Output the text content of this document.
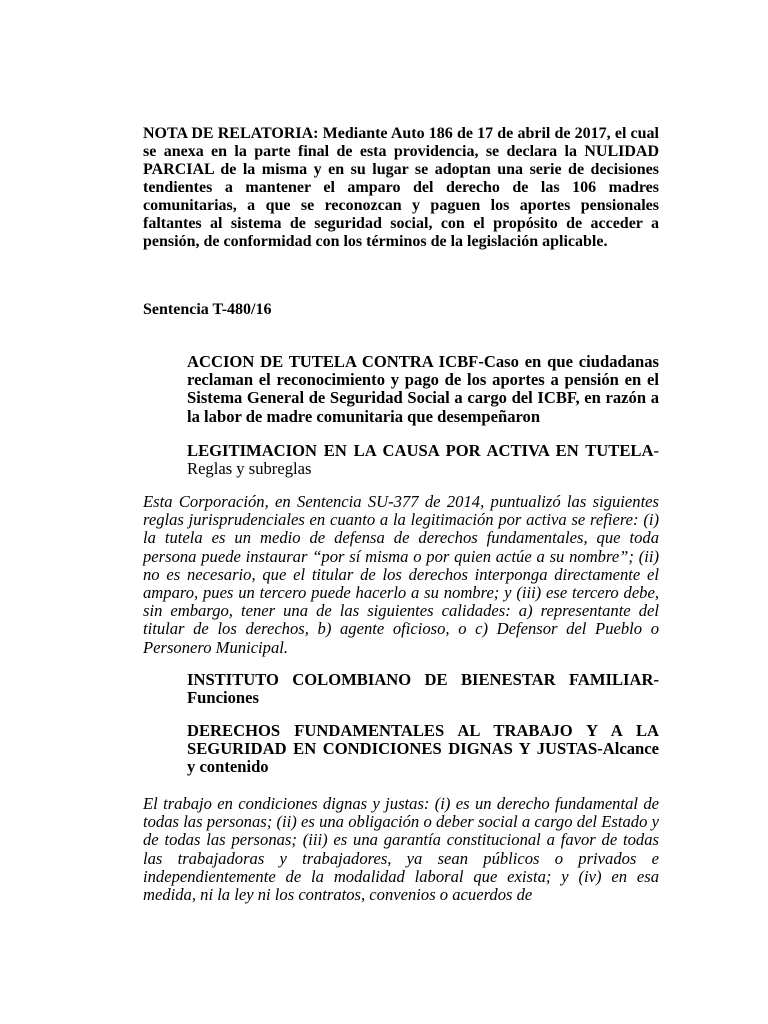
NOTA DE RELATORIA: Mediante Auto 186 de 17 de abril de 2017, el cual se anexa en la parte final de esta providencia, se declara la NULIDAD PARCIAL de la misma y en su lugar se adoptan una serie de decisiones tendientes a mantener el amparo del derecho de las 106 madres comunitarias, a que se reconozcan y paguen los aportes pensionales faltantes al sistema de seguridad social, con el propósito de acceder a pensión, de conformidad con los términos de la legislación aplicable.
Sentencia T-480/16
ACCION DE TUTELA CONTRA ICBF-Caso en que ciudadanas reclaman el reconocimiento y pago de los aportes a pensión en el Sistema General de Seguridad Social a cargo del ICBF, en razón a la labor de madre comunitaria que desempeñaron
LEGITIMACION EN LA CAUSA POR ACTIVA EN TUTELA-Reglas y subreglas
Esta Corporación, en Sentencia SU-377 de 2014, puntualizó las siguientes reglas jurisprudenciales en cuanto a la legitimación por activa se refiere: (i) la tutela es un medio de defensa de derechos fundamentales, que toda persona puede instaurar “por sí misma o por quien actúe a su nombre”; (ii) no es necesario, que el titular de los derechos interponga directamente el amparo, pues un tercero puede hacerlo a su nombre; y (iii) ese tercero debe, sin embargo, tener una de las siguientes calidades: a) representante del titular de los derechos, b) agente oficioso, o c) Defensor del Pueblo o Personero Municipal.
INSTITUTO COLOMBIANO DE BIENESTAR FAMILIAR-Funciones
DERECHOS FUNDAMENTALES AL TRABAJO Y A LA SEGURIDAD EN CONDICIONES DIGNAS Y JUSTAS-Alcance y contenido
El trabajo en condiciones dignas y justas: (i) es un derecho fundamental de todas las personas; (ii) es una obligación o deber social a cargo del Estado y de todas las personas; (iii) es una garantía constitucional a favor de todas las trabajadoras y trabajadores, ya sean públicos o privados e independientemente de la modalidad laboral que exista; y (iv) en esa medida, ni la ley ni los contratos, convenios o acuerdos de
